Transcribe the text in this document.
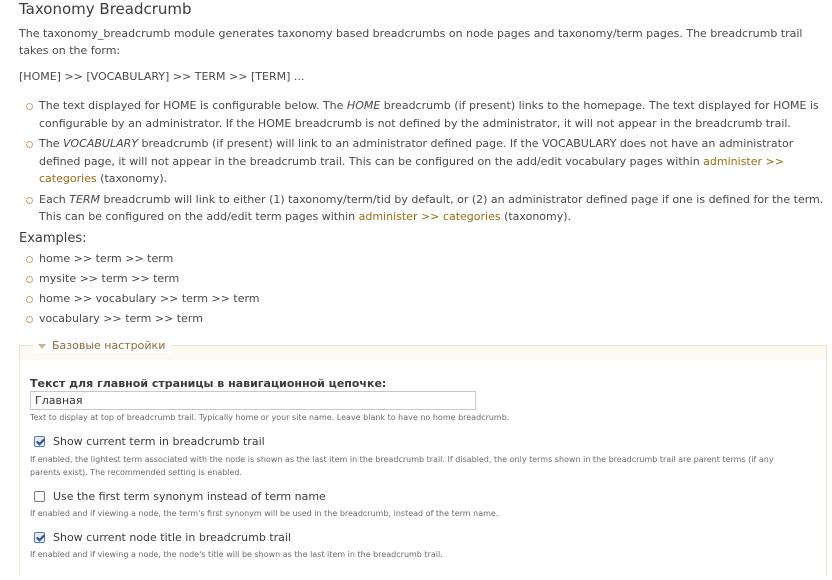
Taxonomy Breadcrumb
The taxonomy_breadcrumb module generates taxonomy based breadcrumbs on node pages and taxonomy/term pages. The breadcrumb trail takes on the form:
[HOME] >> [VOCABULARY] >> TERM >> [TERM] ...
The text displayed for HOME is configurable below. The HOME breadcrumb (if present) links to the homepage. The text displayed for HOME is configurable by an administrator. If the HOME breadcrumb is not defined by the administrator, it will not appear in the breadcrumb trail.
The VOCABULARY breadcrumb (if present) will link to an administrator defined page. If the VOCABULARY does not have an administrator defined page, it will not appear in the breadcrumb trail. This can be configured on the add/edit vocabulary pages within administer >> categories (taxonomy).
Each TERM breadcrumb will link to either (1) taxonomy/term/tid by default, or (2) an administrator defined page if one is defined for the term. This can be configured on the add/edit term pages within administer >> categories (taxonomy).
Examples:
home >> term >> term
mysite >> term >> term
home >> vocabulary >> term >> term
vocabulary >> term >> term
Базовые настройки
Текст для главной страницы в навигационной цепочке:
Главная
Text to display at top of breadcrumb trail. Typically home or your site name. Leave blank to have no home breadcrumb.
Show current term in breadcrumb trail
If enabled, the lightest term associated with the node is shown as the last item in the breadcrumb trail. If disabled, the only terms shown in the breadcrumb trail are parent terms (if any parents exist). The recommended setting is enabled.
Use the first term synonym instead of term name
If enabled and if viewing a node, the term's first synonym will be used in the breadcrumb, instead of the term name.
Show current node title in breadcrumb trail
If enabled and if viewing a node, the node's title will be shown as the last item in the breadcrumb trail.
